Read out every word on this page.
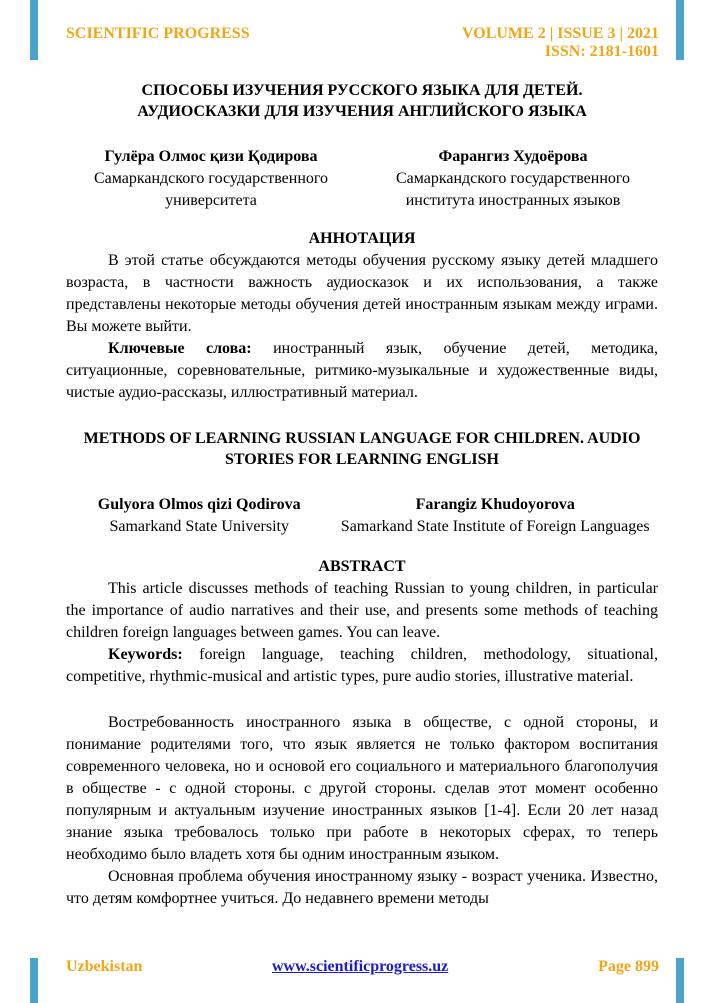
SCIENTIFIC PROGRESS	VOLUME 2 | ISSUE 3 | 2021
ISSN: 2181-1601
СПОСОБЫ ИЗУЧЕНИЯ РУССКОГО ЯЗЫКА ДЛЯ ДЕТЕЙ.
АУДИОСКАЗКИ ДЛЯ ИЗУЧЕНИЯ АНГЛИЙСКОГО ЯЗЫКА
Гулёра Олмос қизи Қодирова
Самаркандского государственного
университета
Фарангиз Худоёрова
Самаркандского государственного
института иностранных языков
АННОТАЦИЯ

В этой статье обсуждаются методы обучения русскому языку детей младшего возраста, в частности важность аудиосказок и их использования, а также представлены некоторые методы обучения детей иностранным языкам между играми. Вы можете выйти.

Ключевые слова: иностранный язык, обучение детей, методика, ситуационные, соревновательные, ритмико-музыкальные и художественные виды, чистые аудио-рассказы, иллюстративный материал.

METHODS OF LEARNING RUSSIAN LANGUAGE FOR CHILDREN. AUDIO
STORIES FOR LEARNING ENGLISH
Gulyora Olmos qizi Qodirova
Samarkand State University
Farangiz Khudoyorova
Samarkand State Institute of Foreign Languages
ABSTRACT

This article discusses methods of teaching Russian to young children, in particular the importance of audio narratives and their use, and presents some methods of teaching children foreign languages between games. You can leave.

Keywords: foreign language, teaching children, methodology, situational, competitive, rhythmic-musical and artistic types, pure audio stories, illustrative material.

Востребованность иностранного языка в обществе, с одной стороны, и понимание родителями того, что язык является не только фактором воспитания современного человека, но и основой его социального и материального благополучия в обществе - с одной стороны. с другой стороны. сделав этот момент особенно популярным и актуальным изучение иностранных языков [1-4]. Если 20 лет назад знание языка требовалось только при работе в некоторых сферах, то теперь необходимо было владеть хотя бы одним иностранным языком.

Основная проблема обучения иностранному языку - возраст ученика. Известно, что детям комфортнее учиться. До недавнего времени методы

Uzbekistan	www.scientificprogress.uz	Page 899
